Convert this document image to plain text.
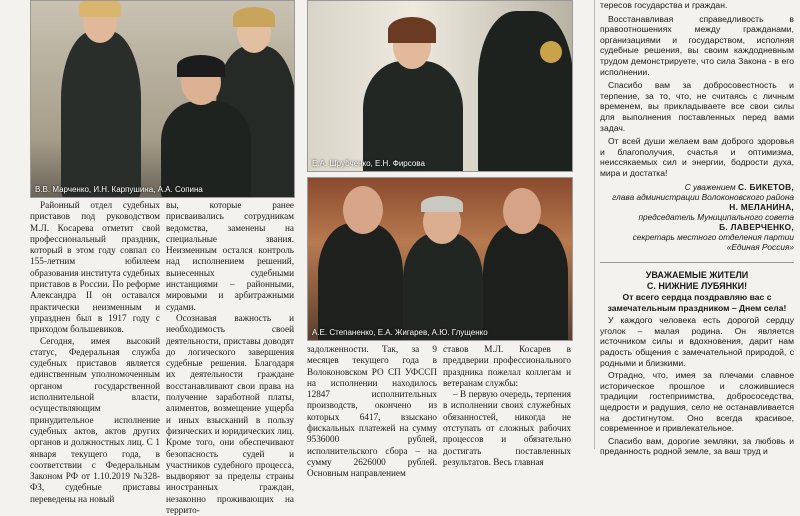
В.В. Марченко, И.Н. Карпушина, А.А. Сопина
Е.А. Шрубченко, Е.Н. Фирсова
А.Е. Степаненко, Е.А. Жигарев, А.Ю. Глущенко

Районный отдел судебных приставов под руководством М.Л. Косарева отметит свой профессиональный праздник, который в этом году совпал со 155-летним юбилеем образования института судебных приставов в России. По реформе Александра II он оставался практически неизменным и упразднен был в 1917 году с приходом большевиков.

Сегодня, имея высокий статус, Федеральная служба судебных приставов является единственным уполномоченным органом государственной исполнительной власти, осуществляющим принудительное исполнение судебных актов, актов других органов и должностных лиц. С 1 января текущего года, в соответствии с Федеральным Законом РФ от 1.10.2019 №328-ФЗ, судебные приставы переведены на новый

вы, которые ранее присваивались сотрудникам ведомства, заменены на специальные звания. Неизменным остался контроль над исполнением решений, вынесенных судебными инстанциями – районными, мировыми и арбитражными судами.

Осознавая важность и необходимость своей деятельности, приставы доводят до логического завершения судебные решения. Благодаря их деятельности граждане восстанавливают свои права на получение заработной платы, алиментов, возмещение ущерба и иных взысканий в пользу физических и юридических лиц. Кроме того, они обеспечивают безопасность судей и участников судебного процесса, выдворяют за пределы страны иностранных граждан, незаконно проживающих на террито-

задолженности. Так, за 9 месяцев текущего года в Волоконовском РО СП УФССП на исполнении находилось 12847 исполнительных производств, окончено из которых 6417, взыскано фискальных платежей на сумму 9536000 рублей, исполнительского сбора – на сумму 2626000 рублей. Основным направлением

ставов М.Л. Косарев в преддверии профессионального праздника пожелал коллегам и ветеранам службы:

– В первую очередь, терпения в исполнении своих служебных обязанностей, никогда не отступать от сложных рабочих процессов и обязательно достигать поставленных результатов. Весь главная

тересов государства и граждан.

Восстанавливая справедливость в правоотношениях между гражданами, организациями и государством, исполняя судебные решения, вы своим каждодневным трудом демонстрируете, что сила Закона - в его исполнении.

Спасибо вам за добросовестность и терпение, за то, что, не считаясь с личным временем, вы прикладываете все свои силы для выполнения поставленных перед вами задач.

От всей души желаем вам доброго здоровья и благополучия, счастья и оптимизма, неиссякаемых сил и энергии, бодрости духа, мира и достатка!

С уважением С. БИКЕТОВ,
глава администрации Волоконовского района
Н. МЕЛАНИНА,
председатель Муниципального совета
Б. ЛАВЕРЧЕНКО,
секретарь местного отделения партии «Единая Россия»
УВАЖАЕМЫЕ ЖИТЕЛИ
С. НИЖНИЕ ЛУБЯНКИ!

От всего сердца поздравляю вас с замечательным праздником – Днем села!

У каждого человека есть дорогой сердцу уголок – малая родина. Он является источником силы и вдохновения, дарит нам радость общения с замечательной природой, с родными и близкими.

Отрадно, что, имея за плечами славное историческое прошлое и сложившиеся традиции гостеприимства, добрососедства, щедрости и радушия, село не останавливается на достигнутом. Оно всегда красивое, современное и привлекательное.

Спасибо вам, дорогие земляки, за любовь и преданность родной земле, за ваш труд и
